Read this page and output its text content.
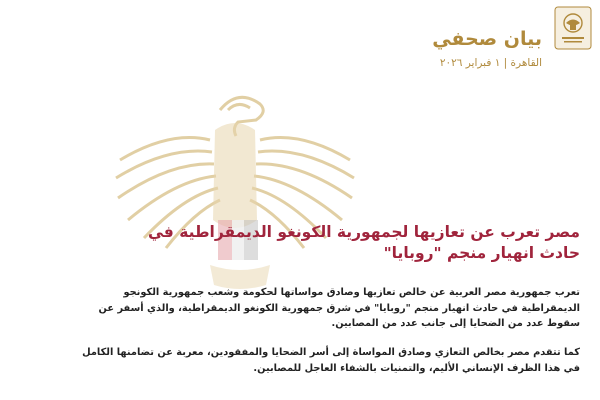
بيان صحفي
القاهرة | ١ فبراير ٢٠٢٦
مصر تعرب عن تعازيها لجمهورية الكونغو الديمقراطية في
حادث انهيار منجم "روبايا"
تعرب جمهورية مصر العربية عن خالص تعازيها وصادق مواساتها لحكومة وشعب جمهورية الكونجو
الديمقراطية في حادث انهيار منجم "روبايا" في شرق جمهورية الكونغو الديمقراطية، والذي أسفر عن
سقوط عدد من الضحايا إلى جانب عدد من المصابين.
كما تتقدم مصر بخالص التعازي وصادق المواساة إلى أسر الضحايا والمفقودين، معربة عن تضامنها الكامل
في هذا الظرف الإنساني الأليم، والتمنيات بالشفاء العاجل للمصابين.
